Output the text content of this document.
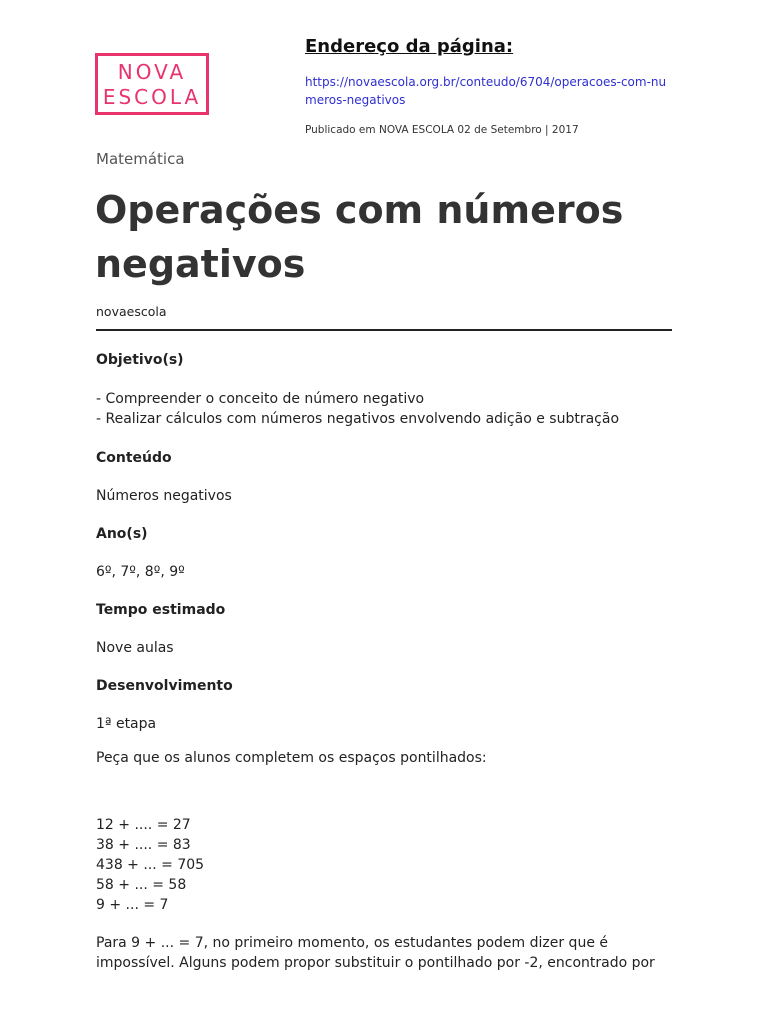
NOVA
ESCOLA
Endereço da página:
https://novaescola.org.br/conteudo/6704/operacoes-com-numeros-negativos
Publicado em NOVA ESCOLA 02 de Setembro | 2017
Matemática
Operações com números negativos
novaescola

Objetivo(s)

- Compreender o conceito de número negativo

- Realizar cálculos com números negativos envolvendo adição e subtração

Conteúdo

Números negativos

Ano(s)

6º, 7º, 8º, 9º

Tempo estimado

Nove aulas

Desenvolvimento

1ª etapa

Peça que os alunos completem os espaços pontilhados:

12 + .... = 27

38 + .... = 83

438 + ... = 705

58 + ... = 58

9 + ... = 7

Para 9 + ... = 7, no primeiro momento, os estudantes podem dizer que é impossível. Alguns podem propor substituir o pontilhado por -2, encontrado por
